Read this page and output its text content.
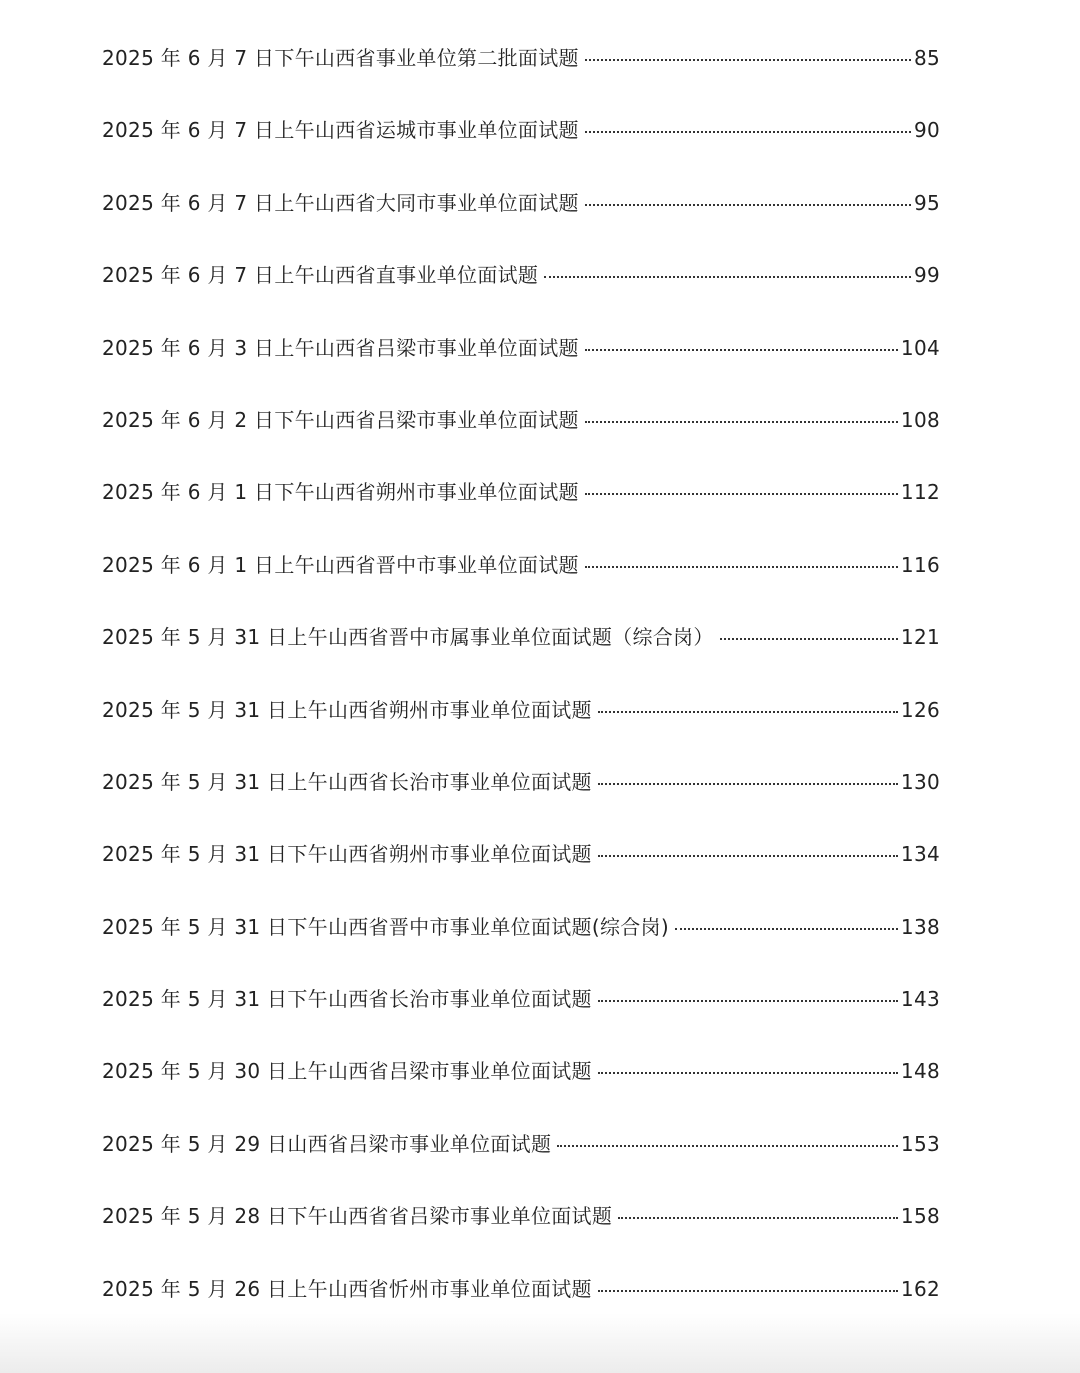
2025 年 6 月 7 日下午山西省事业单位第二批面试题	85
2025 年 6 月 7 日上午山西省运城市事业单位面试题	90
2025 年 6 月 7 日上午山西省大同市事业单位面试题	95
2025 年 6 月 7 日上午山西省直事业单位面试题	99
2025 年 6 月 3 日上午山西省吕梁市事业单位面试题	104
2025 年 6 月 2 日下午山西省吕梁市事业单位面试题	108
2025 年 6 月 1 日下午山西省朔州市事业单位面试题	112
2025 年 6 月 1 日上午山西省晋中市事业单位面试题	116
2025 年 5 月 31 日上午山西省晋中市属事业单位面试题（综合岗）	121
2025 年 5 月 31 日上午山西省朔州市事业单位面试题	126
2025 年 5 月 31 日上午山西省长治市事业单位面试题	130
2025 年 5 月 31 日下午山西省朔州市事业单位面试题	134
2025 年 5 月 31 日下午山西省晋中市事业单位面试题(综合岗)	138
2025 年 5 月 31 日下午山西省长治市事业单位面试题	143
2025 年 5 月 30 日上午山西省吕梁市事业单位面试题	148
2025 年 5 月 29 日山西省吕梁市事业单位面试题	153
2025 年 5 月 28 日下午山西省省吕梁市事业单位面试题	158
2025 年 5 月 26 日上午山西省忻州市事业单位面试题	162
